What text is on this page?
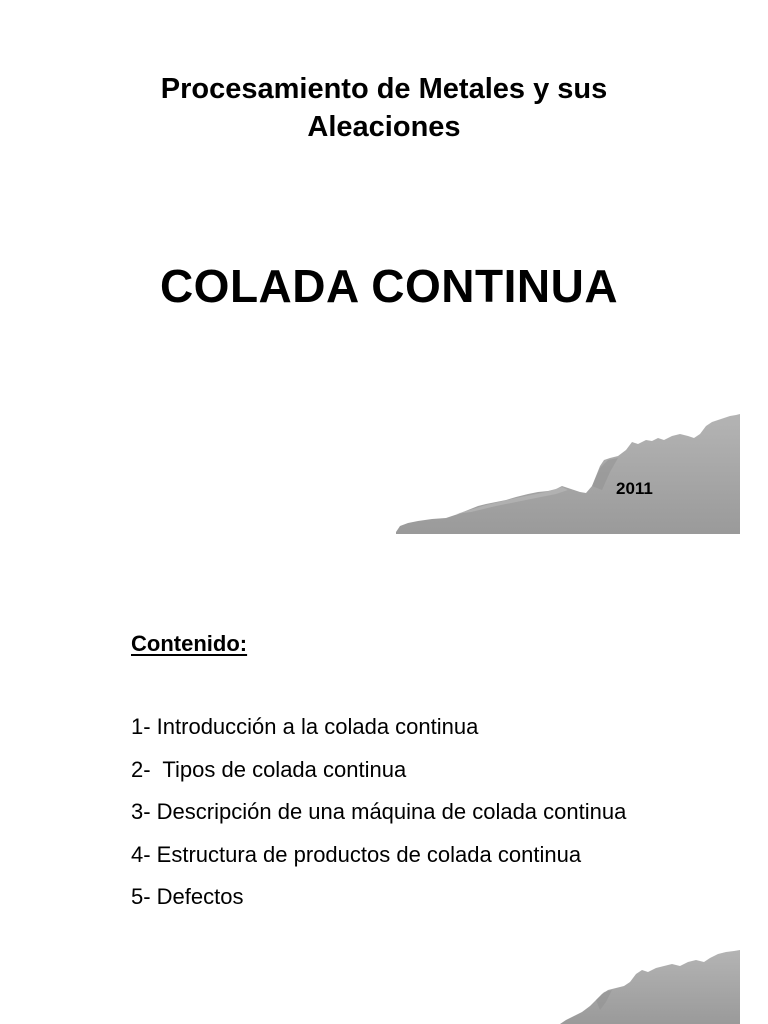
Procesamiento de Metales y sus
Aleaciones
COLADA CONTINUA
2011
Contenido:
1- Introducción a la colada continua
2-  Tipos de colada continua
3- Descripción de una máquina de colada continua
4- Estructura de productos de colada continua
5- Defectos
